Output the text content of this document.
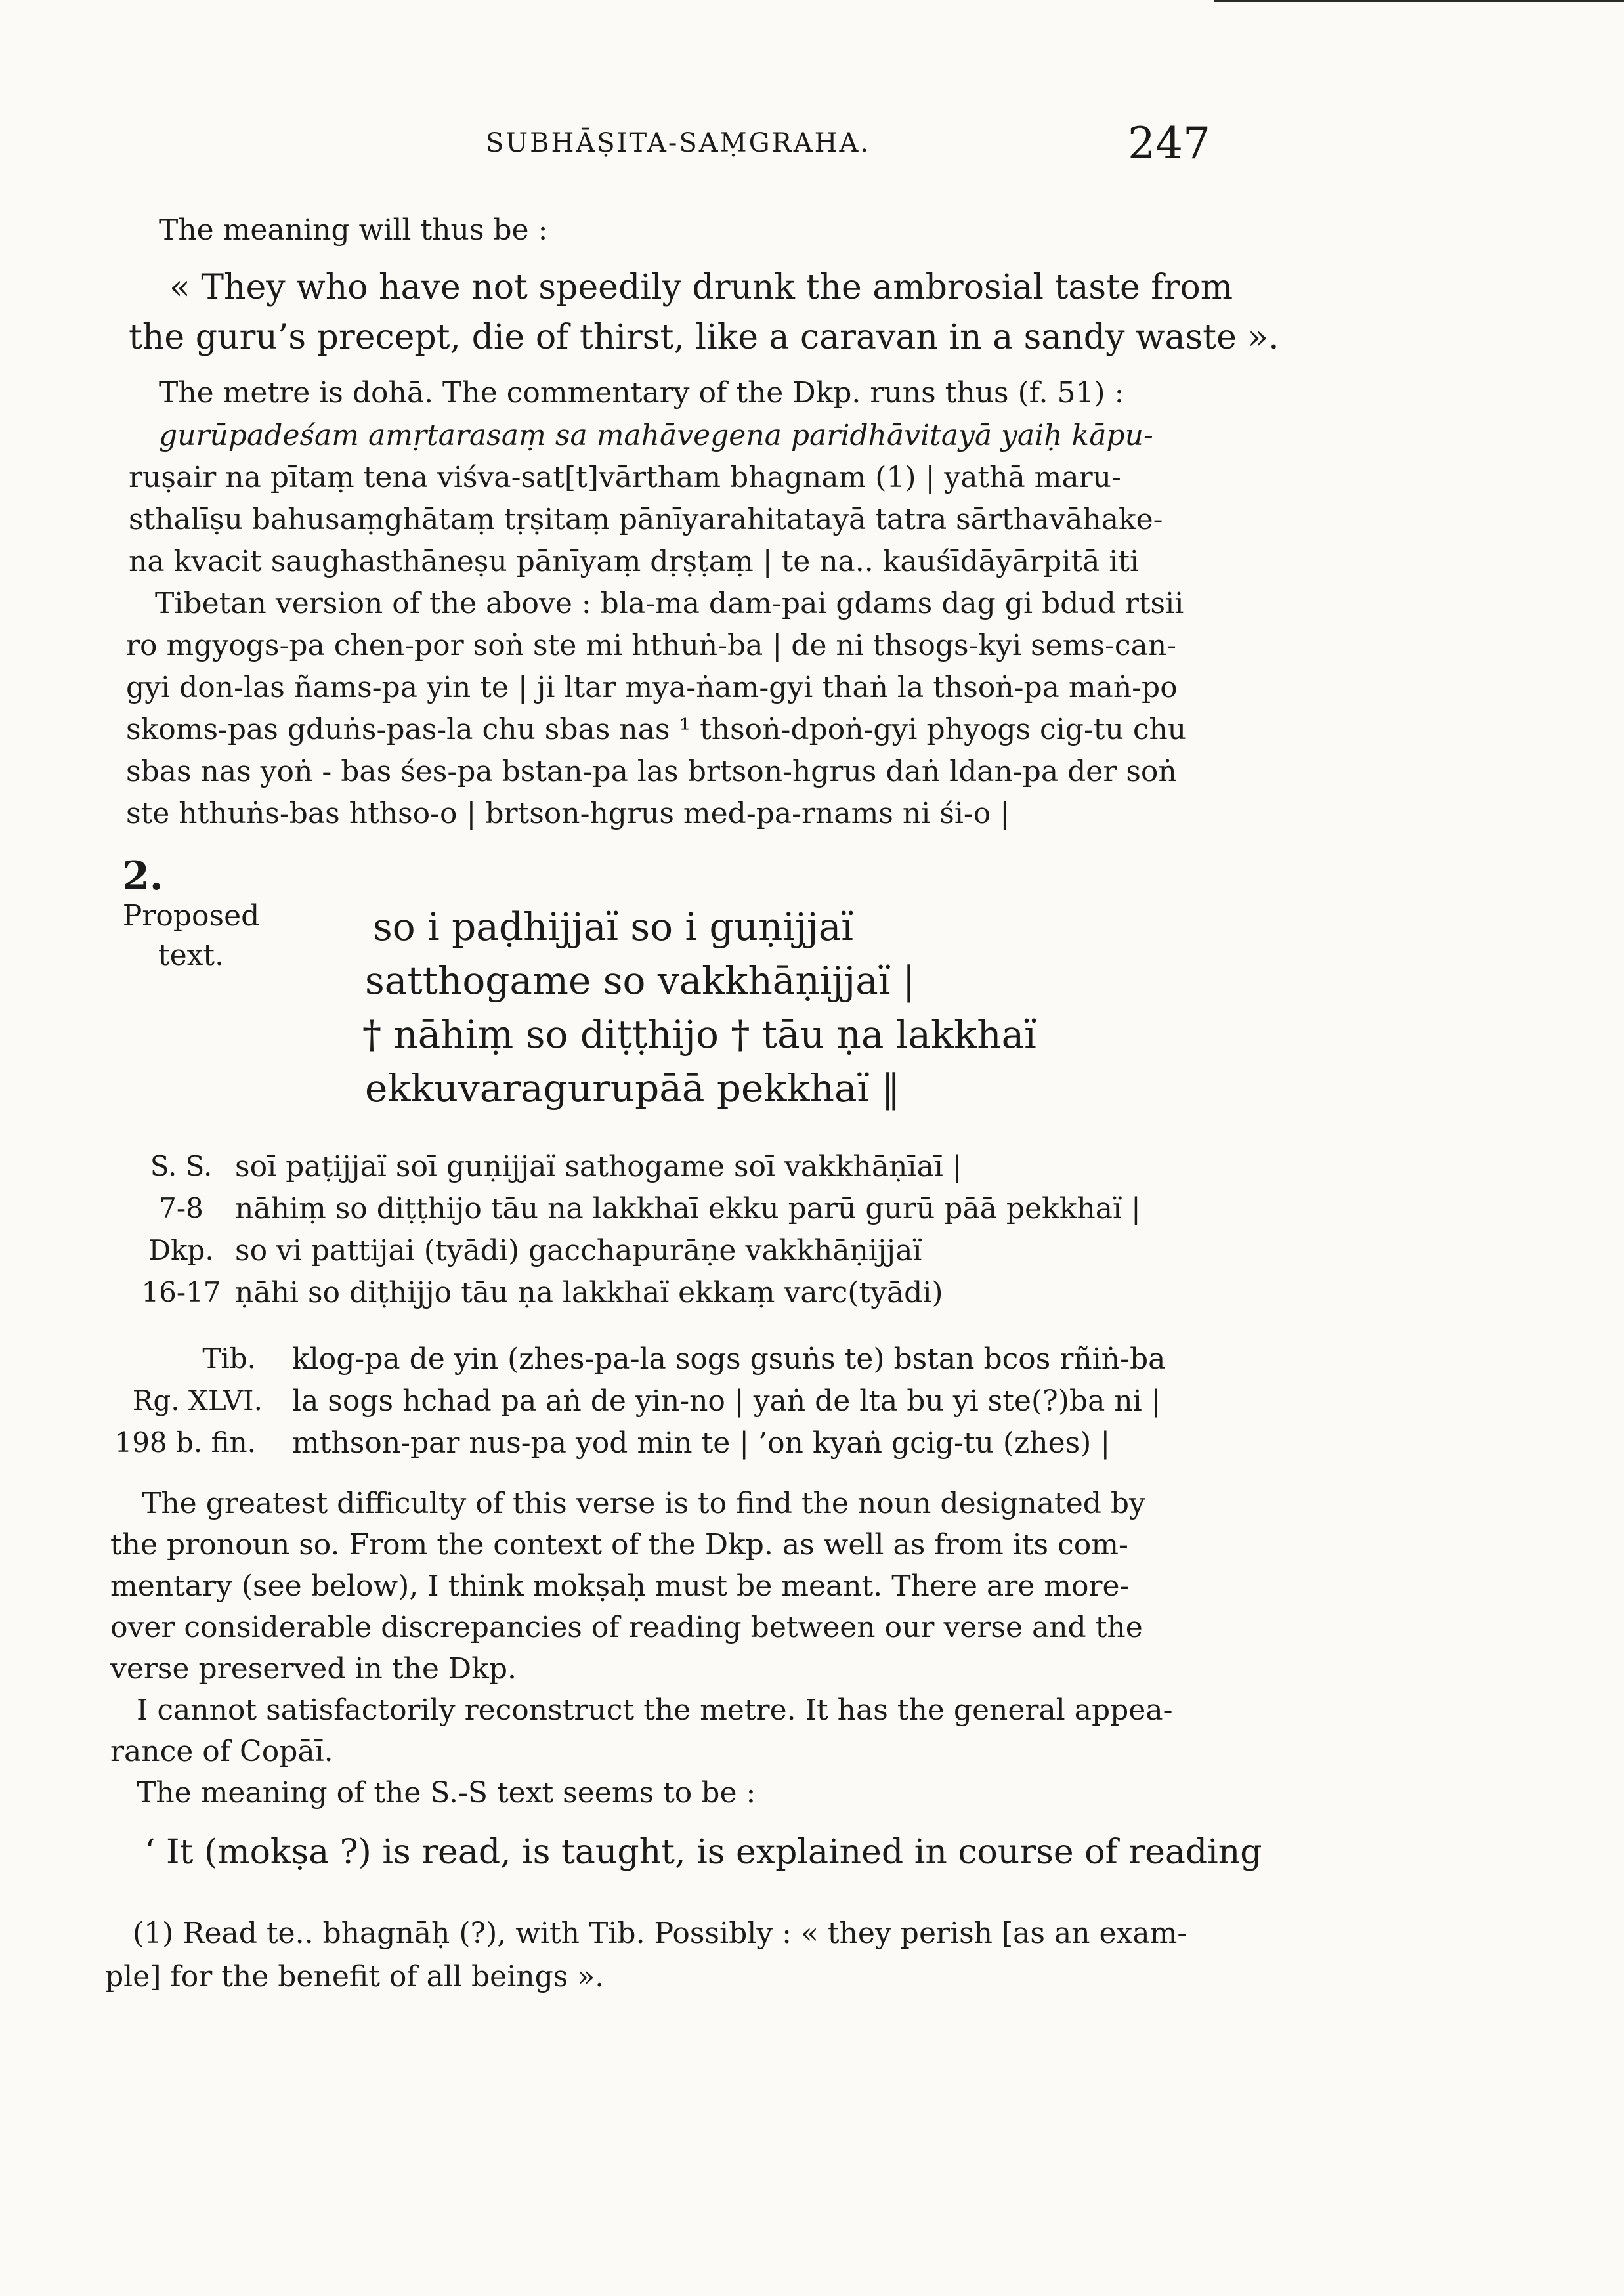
SUBHĀṢITA-SAṂGRAHA.	247
The meaning will thus be :
« They who have not speedily drunk the ambrosial taste from
the guru’s precept, die of thirst, like a caravan in a sandy waste ».
The metre is dohā. The commentary of the Dkp. runs thus (f. 51) :
gurūpadeśam amṛtarasaṃ sa mahāvegena paridhāvitayā yaiḥ kāpu-
ruṣair na pītaṃ tena viśva-sat[t]vārtham bhagnam (1) | yathā maru-
sthalīṣu bahusaṃghātaṃ tṛṣitaṃ pānīyarahitatayā tatra sārthavāhake-
na kvacit saughasthāneṣu pānīyaṃ dṛṣṭaṃ | te na.. kauśīdāyārpitā iti
Tibetan version of the above : bla-ma dam-pai gdams dag gi bdud rtsii
ro mgyogs-pa chen-por soṅ ste mi hthuṅ-ba | de ni thsogs-kyi sems-can-
gyi don-las ñams-pa yin te | ji ltar mya-ṅam-gyi thaṅ la thsoṅ-pa maṅ-po
skoms-pas gduṅs-pas-la chu sbas nas ¹ thsoṅ-dpoṅ-gyi phyogs cig-tu chu
sbas nas yoṅ - bas śes-pa bstan-pa las brtson-hgrus daṅ ldan-pa der soṅ
ste hthuṅs-bas hthso-o | brtson-hgrus med-pa-rnams ni śi-o |
2.
Proposed
text.
so i paḍhijjaï so i guṇijjaï
satthogame so vakkhāṇijjaï |
† nāhiṃ so diṭṭhijo † tāu ṇa lakkhaï
ekkuvaragurupāā pekkhaï ‖
S. S. soī paṭijjaï soī guṇijjaï sathogame soī vakkhāṇīaī |
7-8	nāhiṃ so diṭṭhijo tāu na lakkhaī ekku parū gurū pāā pekkhaï |
Dkp. so vi pattijai (tyādi) gacchapurāṇe vakkhāṇijjaï
16-17 ṇāhi so diṭhijjo tāu ṇa lakkhaï ekkaṃ varc(tyādi)
Tib. klog-pa de yin (zhes-pa-la sogs gsuṅs te) bstan bcos rñiṅ-ba
Rg. XLVI. la sogs hchad pa aṅ de yin-no | yaṅ de lta bu yi ste(?)ba ni |
198 b. fin. mthson-par nus-pa yod min te | ’on kyaṅ gcig-tu (zhes) |
The greatest difficulty of this verse is to find the noun designated by
the pronoun so. From the context of the Dkp. as well as from its com-
mentary (see below), I think mokṣaḥ must be meant. There are more-
over considerable discrepancies of reading between our verse and the
verse preserved in the Dkp.
I cannot satisfactorily reconstruct the metre. It has the general appea-
rance of Copāī.
The meaning of the S.-S text seems to be :
‘ It (mokṣa ?) is read, is taught, is explained in course of reading
(1) Read te.. bhagnāḥ (?), with Tib. Possibly : « they perish [as an exam-
ple] for the benefit of all beings ».
